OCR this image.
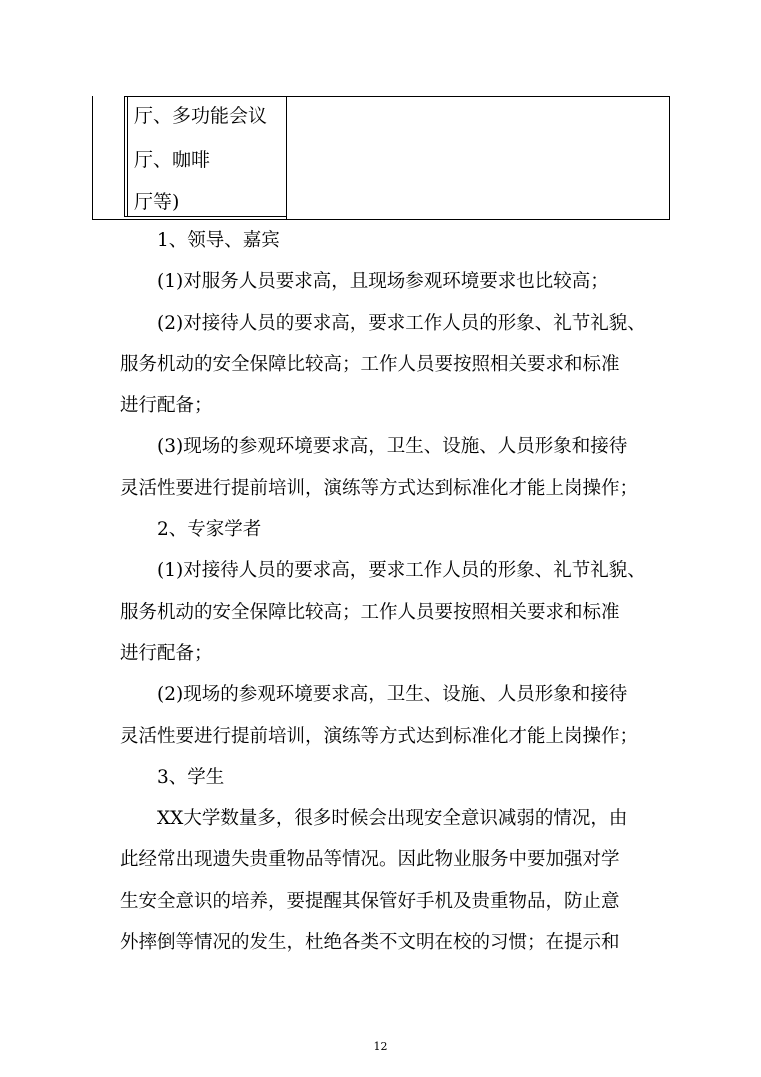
厅、多功能会议
厅、咖啡
厅等)
1、领导、嘉宾
(1)对服务人员要求高，且现场参观环境要求也比较高；
(2)对接待人员的要求高，要求工作人员的形象、礼节礼貌、
服务机动的安全保障比较高；工作人员要按照相关要求和标准
进行配备；
(3)现场的参观环境要求高，卫生、设施、人员形象和接待
灵活性要进行提前培训，演练等方式达到标准化才能上岗操作；
2、专家学者
(1)对接待人员的要求高，要求工作人员的形象、礼节礼貌、
服务机动的安全保障比较高；工作人员要按照相关要求和标准
进行配备；
(2)现场的参观环境要求高，卫生、设施、人员形象和接待
灵活性要进行提前培训，演练等方式达到标准化才能上岗操作；
3、学生
XX大学数量多，很多时候会出现安全意识减弱的情况，由
此经常出现遗失贵重物品等情况。因此物业服务中要加强对学
生安全意识的培养，要提醒其保管好手机及贵重物品，防止意
外摔倒等情况的发生，杜绝各类不文明在校的习惯；在提示和
12
